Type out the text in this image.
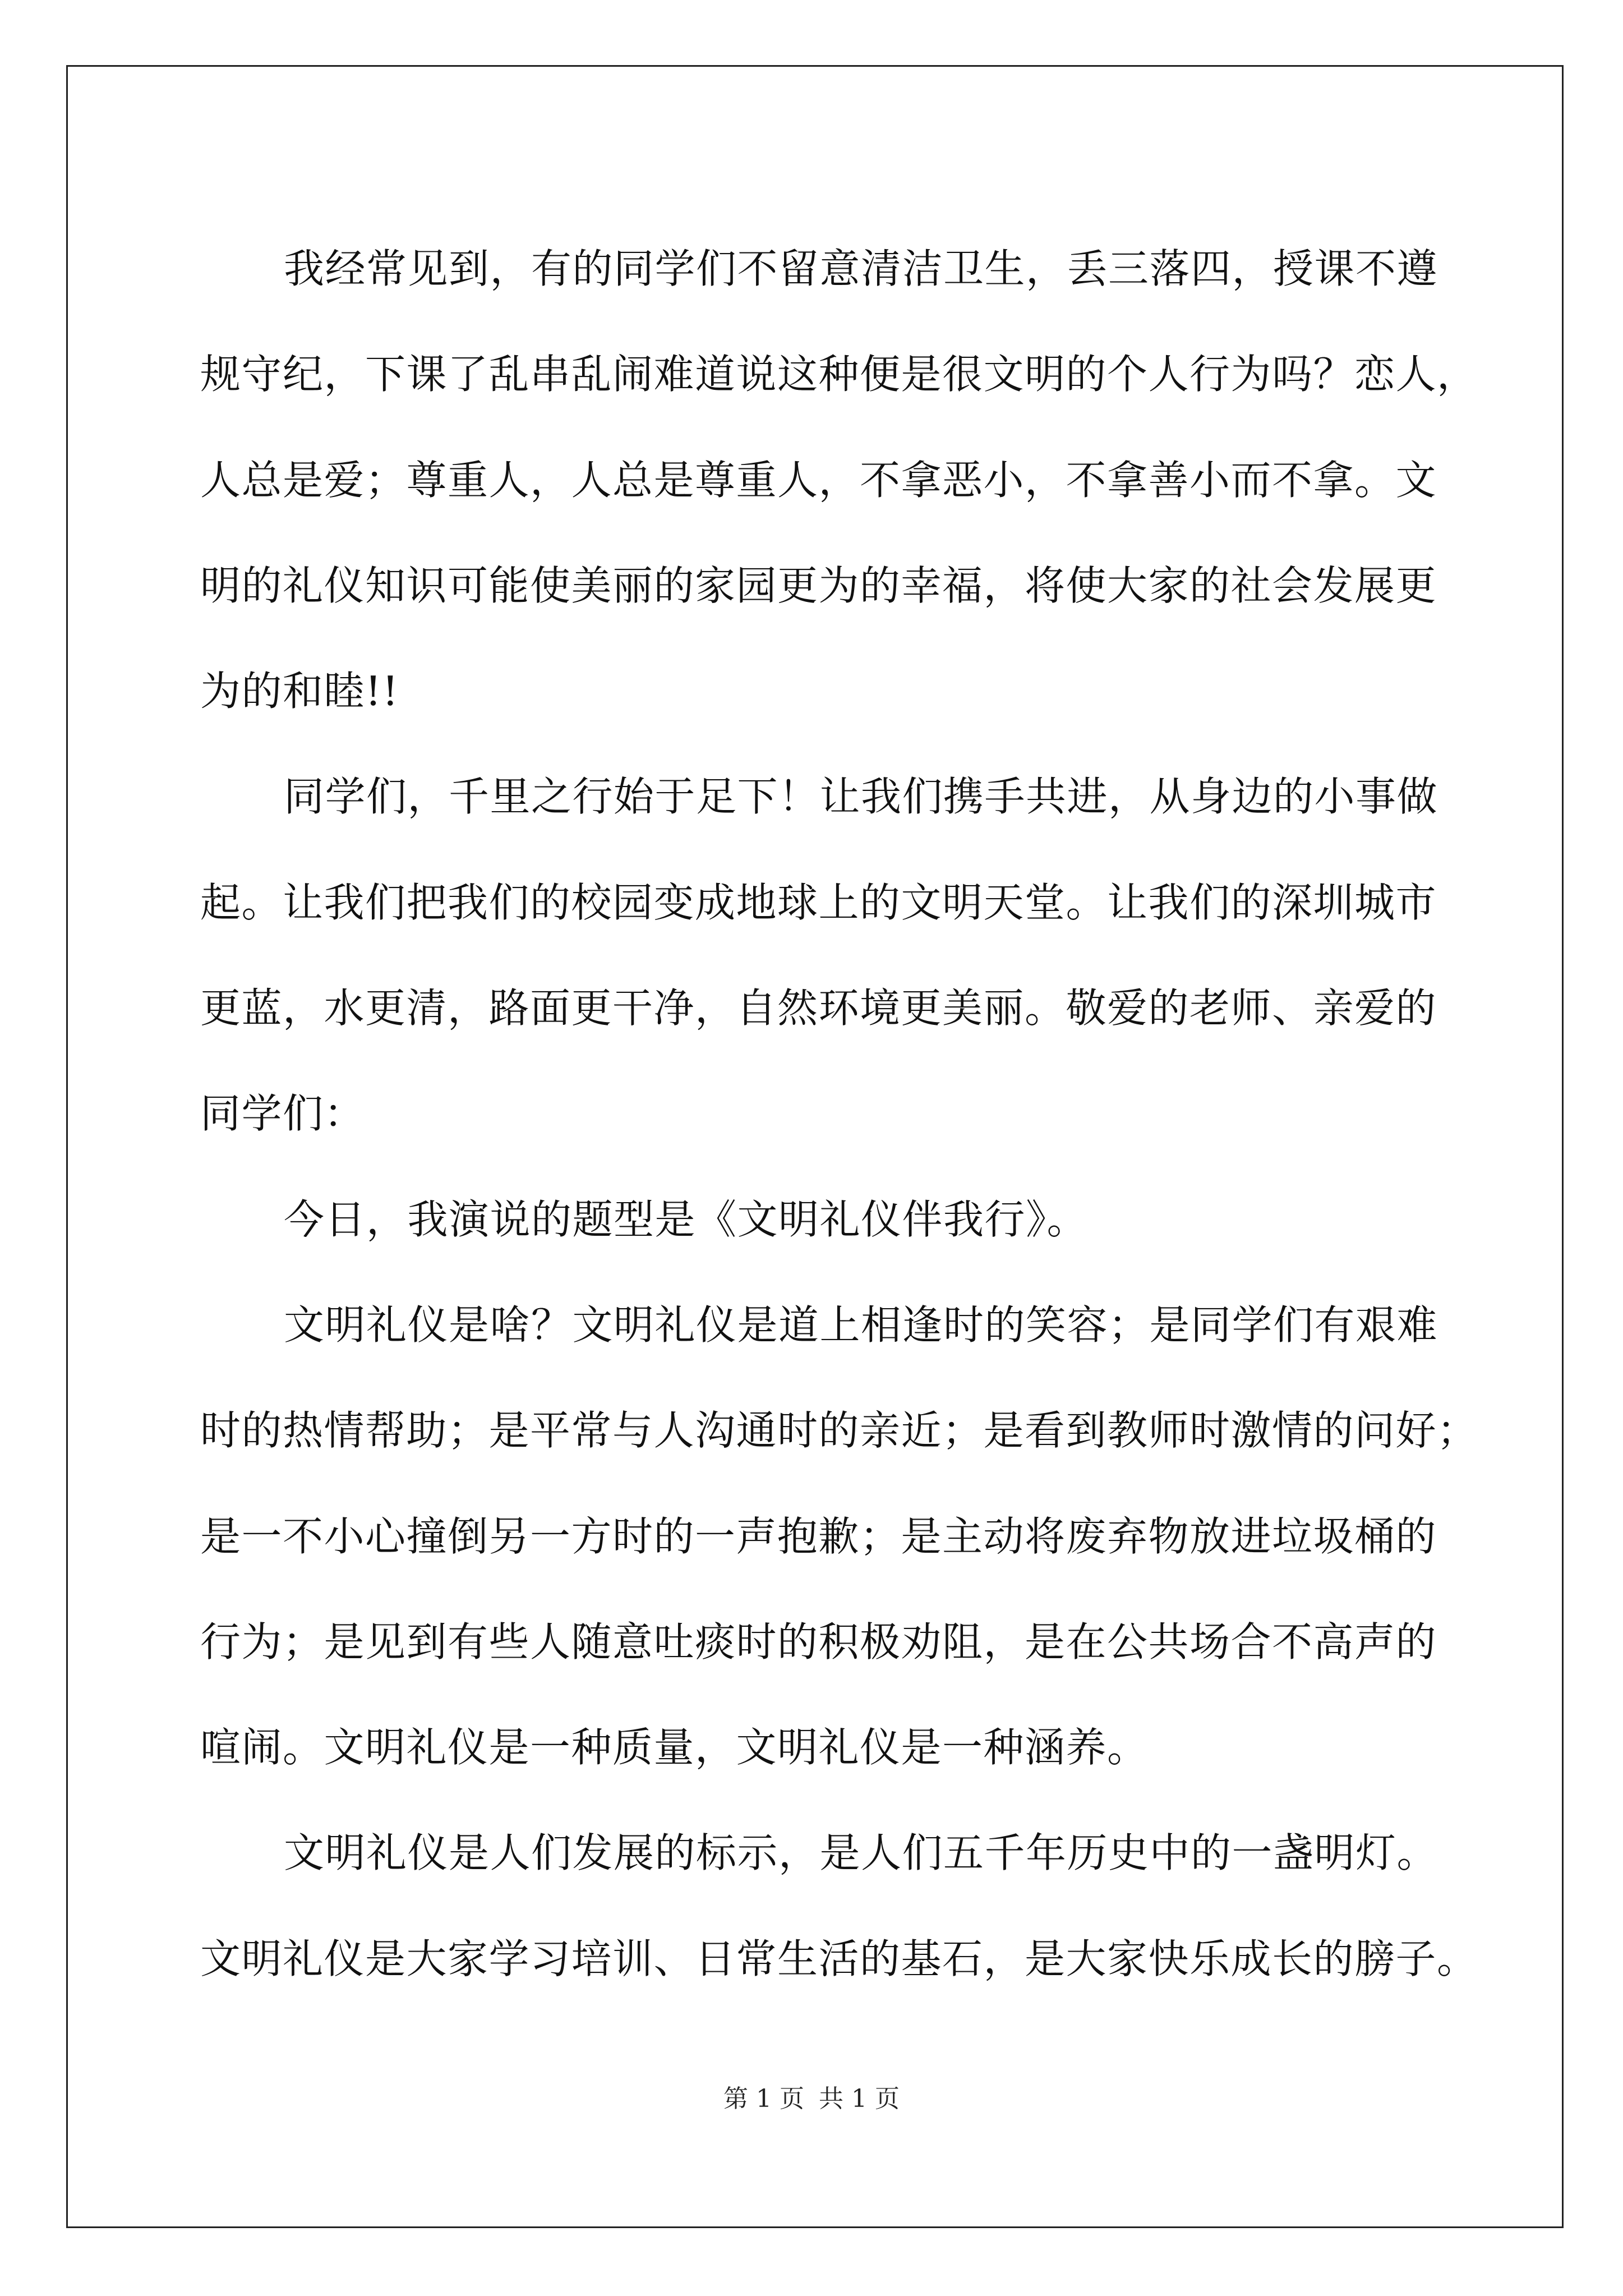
我经常见到，有的同学们不留意清洁卫生，丢三落四，授课不遵
规守纪，下课了乱串乱闹难道说这种便是很文明的个人行为吗？恋人，
人总是爱；尊重人，人总是尊重人，不拿恶小，不拿善小而不拿。文
明的礼仪知识可能使美丽的家园更为的幸福，将使大家的社会发展更
为的和睦!!
同学们，千里之行始于足下！让我们携手共进，从身边的小事做
起。让我们把我们的校园变成地球上的文明天堂。让我们的深圳城市
更蓝，水更清，路面更干净，自然环境更美丽。敬爱的老师、亲爱的
同学们：
今日，我演说的题型是《文明礼仪伴我行》。
文明礼仪是啥？文明礼仪是道上相逢时的笑容；是同学们有艰难
时的热情帮助；是平常与人沟通时的亲近；是看到教师时激情的问好；
是一不小心撞倒另一方时的一声抱歉；是主动将废弃物放进垃圾桶的
行为；是见到有些人随意吐痰时的积极劝阻，是在公共场合不高声的
喧闹。文明礼仪是一种质量，文明礼仪是一种涵养。
文明礼仪是人们发展的标示，是人们五千年历史中的一盏明灯。
文明礼仪是大家学习培训、日常生活的基石，是大家快乐成长的膀子。
第 1 页 共 1 页
